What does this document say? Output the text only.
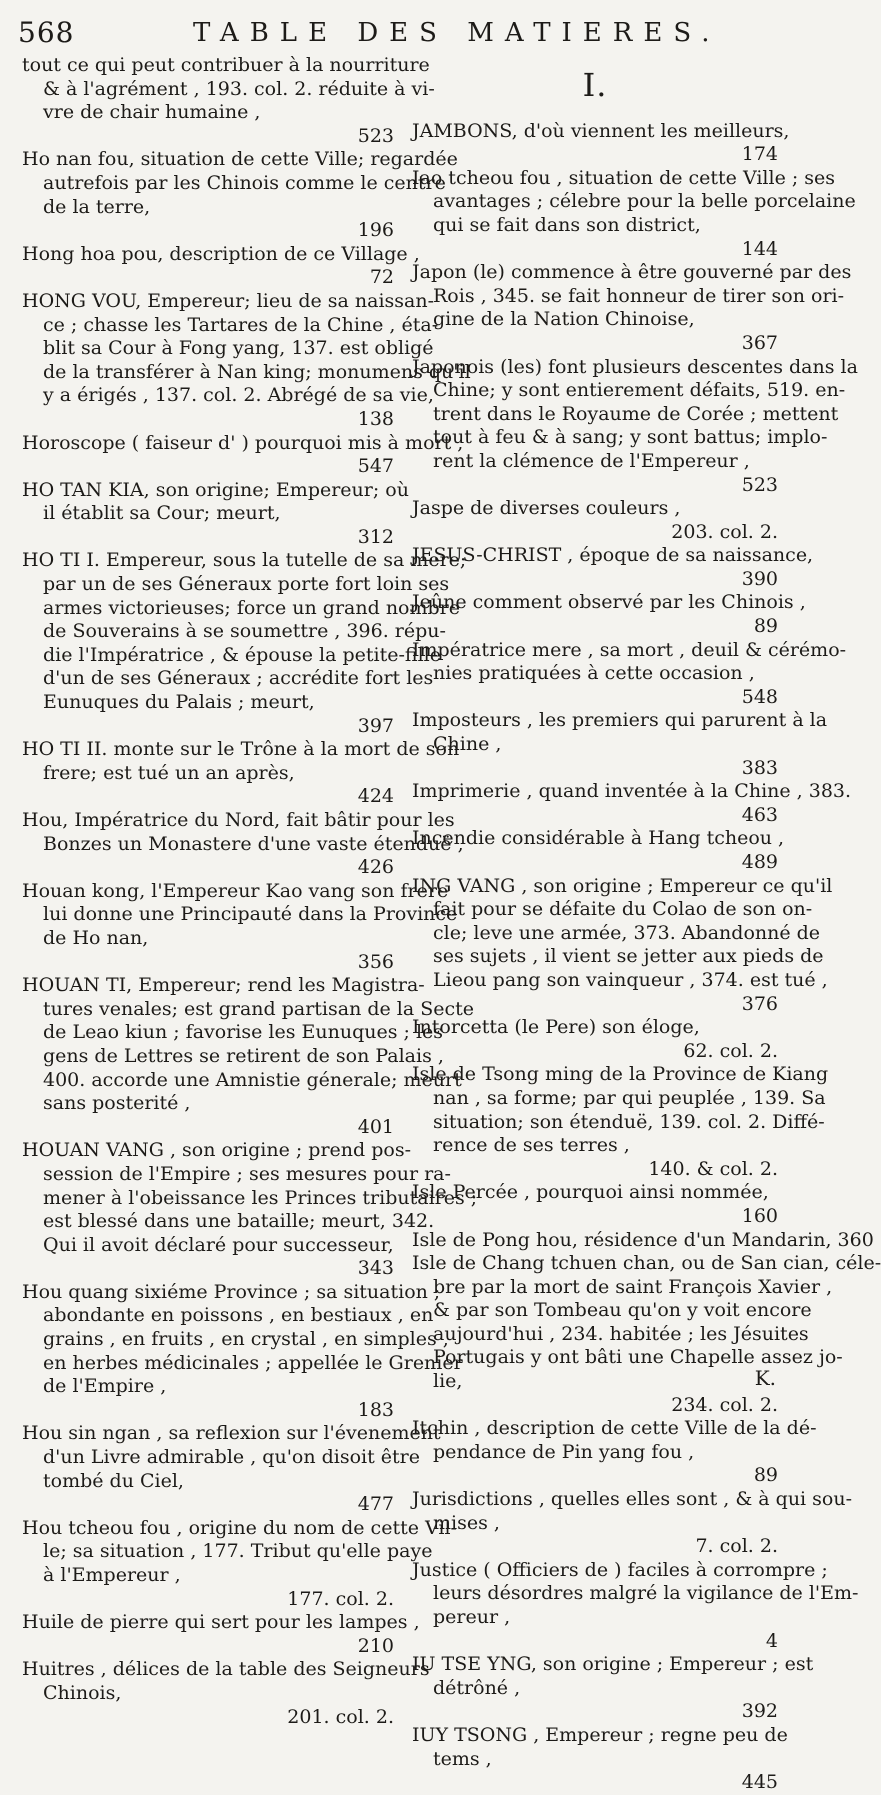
568	TABLE DES MATIERES.
tout ce qui peut contribuer à la nourriture
& à l'agrément , 193. col. 2. réduite à vi-
vre de chair humaine ,
523
Ho nan fou, situation de cette Ville; regardée
autrefois par les Chinois comme le centre
de la terre,
196
Hong hoa pou, description de ce Village ,
72
HONG VOU, Empereur; lieu de sa naissan-
ce ; chasse les Tartares de la Chine , éta-
blit sa Cour à Fong yang, 137. est obligé
de la transférer à Nan king; monumens qu'il
y a érigés , 137. col. 2. Abrégé de sa vie,
138
Horoscope ( faiseur d' ) pourquoi mis à mort ,
547
HO TAN KIA, son origine; Empereur; où
il établit sa Cour; meurt,
312
HO TI I. Empereur, sous la tutelle de sa mere;
par un de ses Géneraux porte fort loin ses
armes victorieuses; force un grand nombre
de Souverains à se soumettre , 396. répu-
die l'Impératrice , & épouse la petite-fille
d'un de ses Géneraux ; accrédite fort les
Eunuques du Palais ; meurt,
397
HO TI II. monte sur le Trône à la mort de son
frere; est tué un an après,
424
Hou, Impératrice du Nord, fait bâtir pour les
Bonzes un Monastere d'une vaste étenduë ,
426
Houan kong, l'Empereur Kao vang son frere
lui donne une Principauté dans la Province
de Ho nan,
356
HOUAN TI, Empereur; rend les Magistra-
tures venales; est grand partisan de la Secte
de Leao kiun ; favorise les Eunuques ; les
gens de Lettres se retirent de son Palais ,
400. accorde une Amnistie génerale; meurt
sans posterité ,
401
HOUAN VANG , son origine ; prend pos-
session de l'Empire ; ses mesures pour ra-
mener à l'obeissance les Princes tributaires ;
est blessé dans une bataille; meurt, 342.
Qui il avoit déclaré pour successeur,
343
Hou quang sixiéme Province ; sa situation ;
abondante en poissons , en bestiaux , en
grains , en fruits , en crystal , en simples ,
en herbes médicinales ; appellée le Grenier
de l'Empire ,
183
Hou sin ngan , sa reflexion sur l'évenement
d'un Livre admirable , qu'on disoit être
tombé du Ciel,
477
Hou tcheou fou , origine du nom de cette Vil-
le; sa situation , 177. Tribut qu'elle paye
à l'Empereur ,
177. col. 2.
Huile de pierre qui sert pour les lampes ,
210
Huitres , délices de la table des Seigneurs
Chinois,
201. col. 2.
I.
JAMBONS, d'où viennent les meilleurs,
174
Iao tcheou fou , situation de cette Ville ; ses
avantages ; célebre pour la belle porcelaine
qui se fait dans son district,
144
Japon (le) commence à être gouverné par des
Rois , 345. se fait honneur de tirer son ori-
gine de la Nation Chinoise,
367
Japonois (les) font plusieurs descentes dans la
Chine; y sont entierement défaits, 519. en-
trent dans le Royaume de Corée ; mettent
tout à feu & à sang; y sont battus; implo-
rent la clémence de l'Empereur ,
523
Jaspe de diverses couleurs ,
203. col. 2.
JESUS-CHRIST , époque de sa naissance,
390
Jeûne comment observé par les Chinois ,
89
Impératrice mere , sa mort , deuil & cérémo-
nies pratiquées à cette occasion ,
548
Imposteurs , les premiers qui parurent à la
Chine ,
383
Imprimerie , quand inventée à la Chine , 383.
463
Incendie considérable à Hang tcheou ,
489
ING VANG , son origine ; Empereur ce qu'il
fait pour se défaite du Colao de son on-
cle; leve une armée, 373. Abandonné de
ses sujets , il vient se jetter aux pieds de
Lieou pang son vainqueur , 374. est tué ,
376
Intorcetta (le Pere) son éloge,
62. col. 2.
Isle de Tsong ming de la Province de Kiang
nan , sa forme; par qui peuplée , 139. Sa
situation; son étenduë, 139. col. 2. Diffé-
rence de ses terres ,
140. & col. 2.
Isle Percée , pourquoi ainsi nommée,
160
Isle de Pong hou, résidence d'un Mandarin, 360
Isle de Chang tchuen chan, ou de San cian, céle-
bre par la mort de saint François Xavier ,
& par son Tombeau qu'on y voit encore
aujourd'hui , 234. habitée ; les Jésuites
Portugais y ont bâti une Chapelle assez jo-
lie,
234. col. 2.
Itchin , description de cette Ville de la dé-
pendance de Pin yang fou ,
89
Jurisdictions , quelles elles sont , & à qui sou-
mises ,
7. col. 2.
Justice ( Officiers de ) faciles à corrompre ;
leurs désordres malgré la vigilance de l'Em-
pereur ,
4
IU TSE YNG, son origine ; Empereur ; est
détrôné ,
392
IUY TSONG , Empereur ; regne peu de
tems ,
445
K.
